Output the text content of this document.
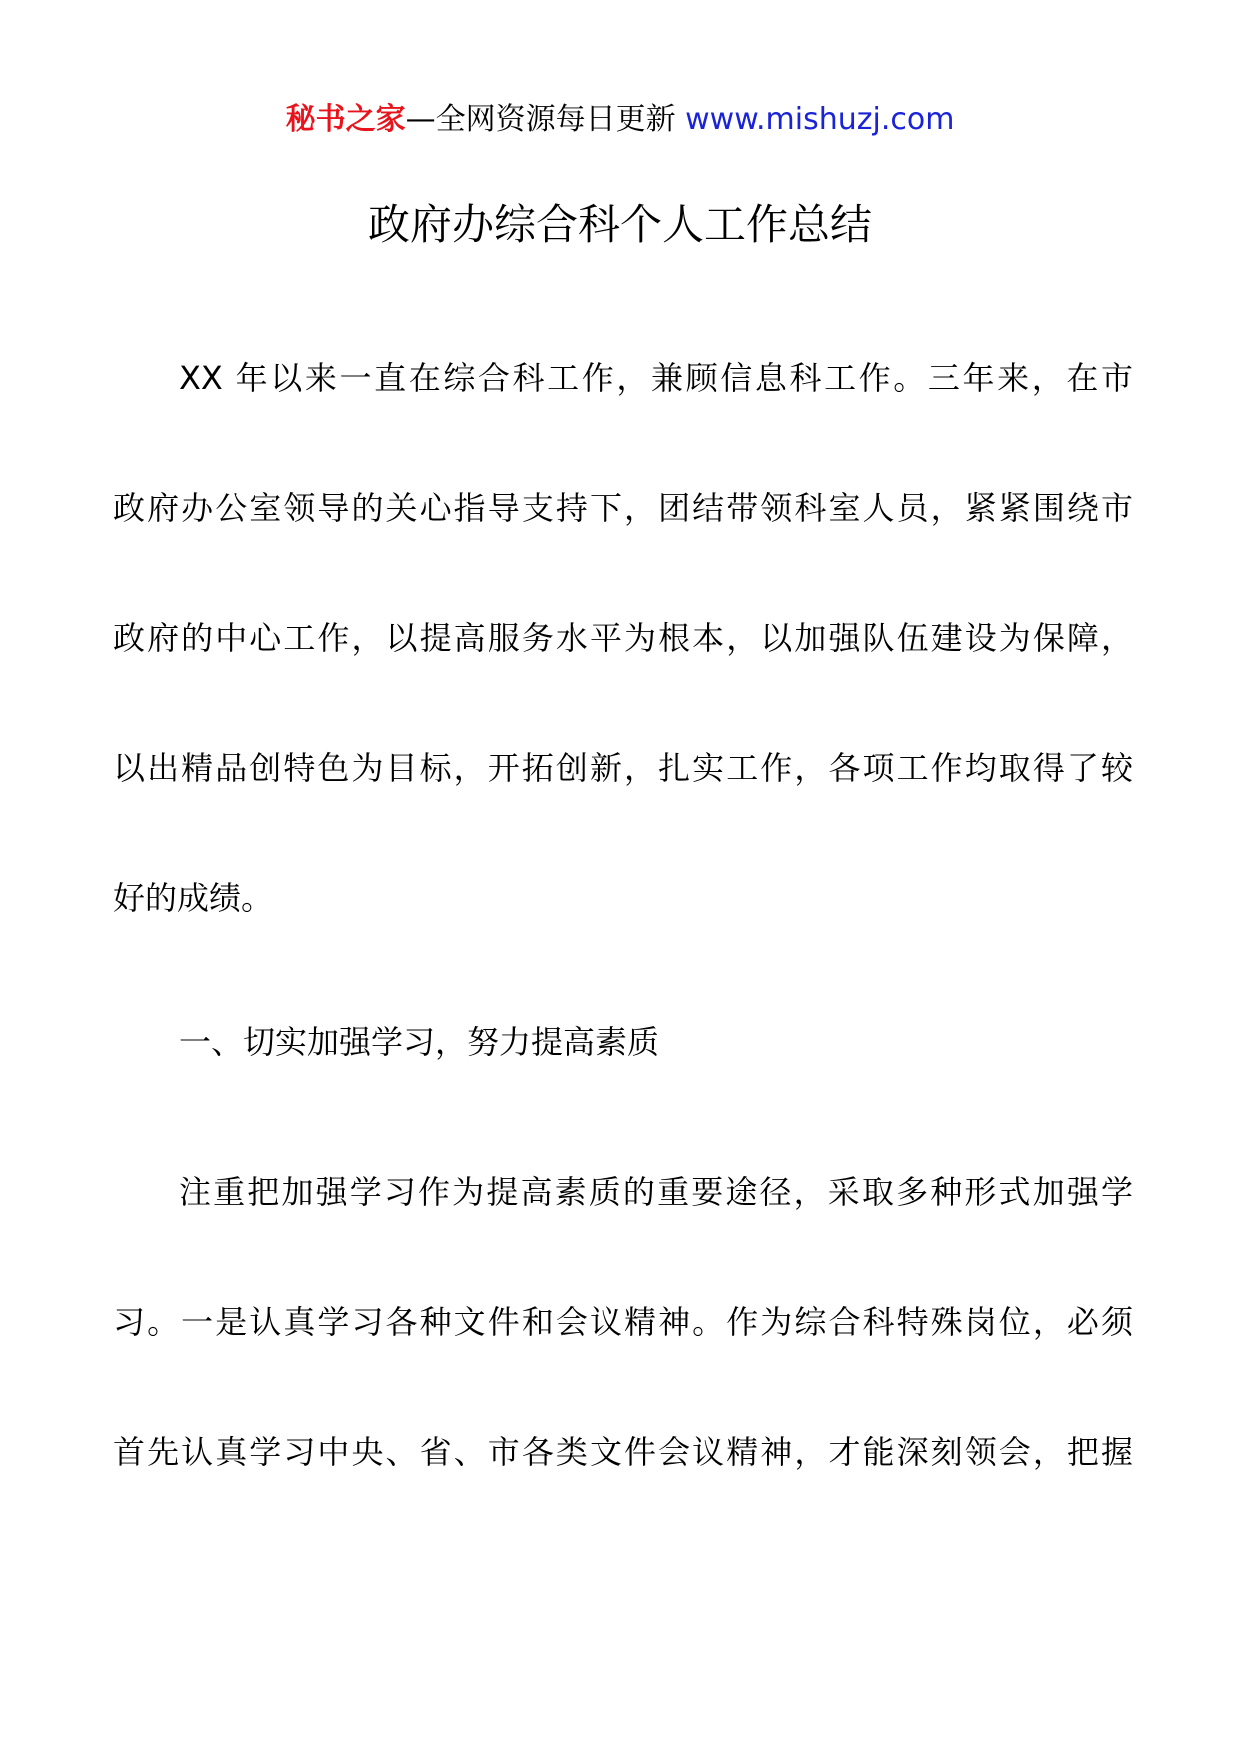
秘书之家—全网资源每日更新 www.mishuzj.com
政府办综合科个人工作总结
XX 年以来一直在综合科工作，兼顾信息科工作。三年来，在市
政府办公室领导的关心指导支持下，团结带领科室人员，紧紧围绕市
政府的中心工作，以提高服务水平为根本，以加强队伍建设为保障，
以出精品创特色为目标，开拓创新，扎实工作，各项工作均取得了较
好的成绩。
一、切实加强学习，努力提高素质
注重把加强学习作为提高素质的重要途径，采取多种形式加强学
习。一是认真学习各种文件和会议精神。作为综合科特殊岗位，必须
首先认真学习中央、省、市各类文件会议精神，才能深刻领会，把握
